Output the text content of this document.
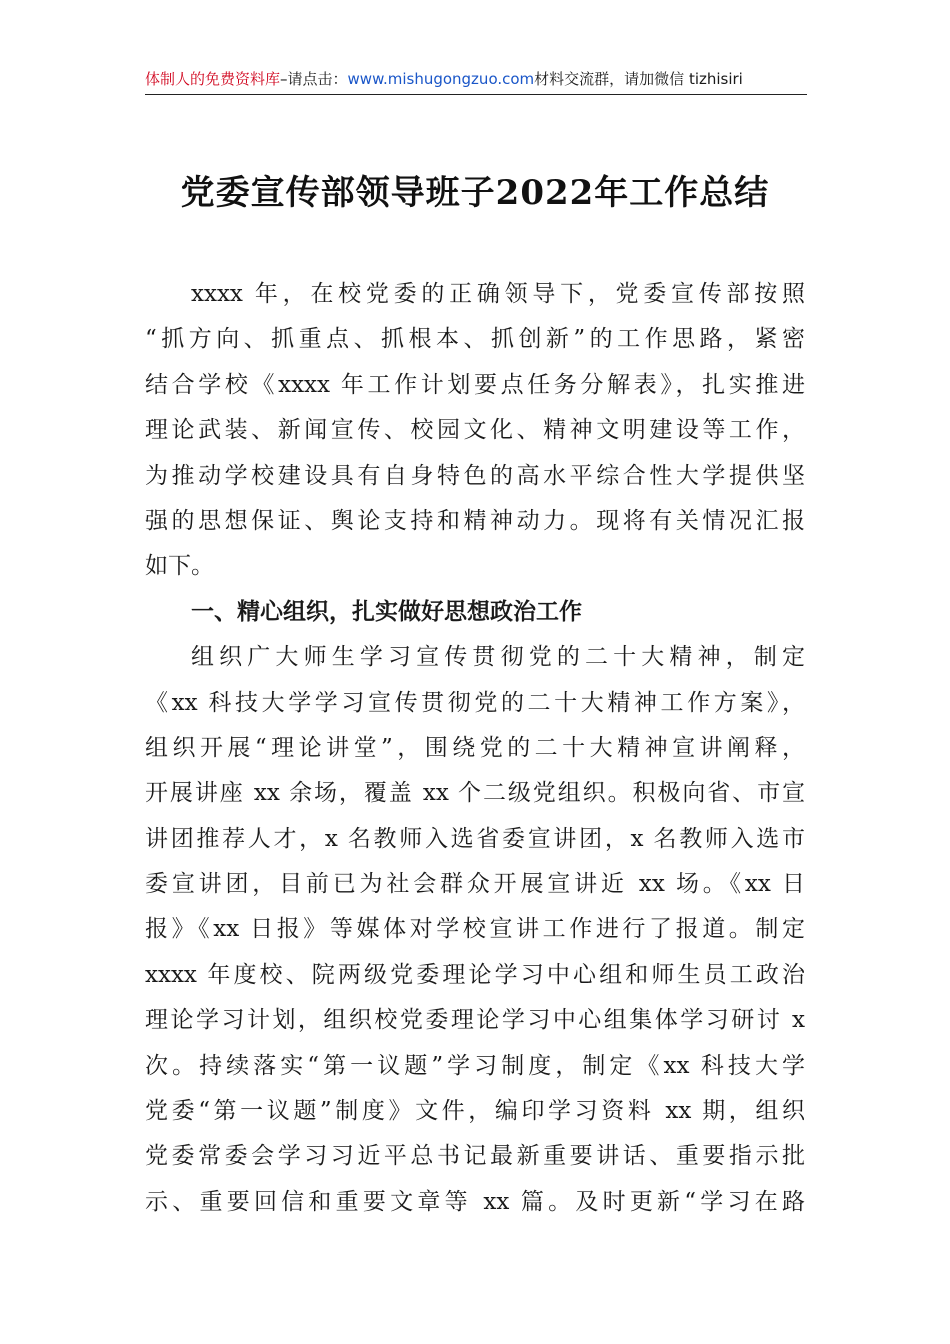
体制人的免费资料库–请点击：www.mishugongzuo.com材料交流群，请加微信 tizhisiri
党委宣传部领导班子2022年工作总结
xxxx 年，在校党委的正确领导下，党委宣传部按照
“抓方向、抓重点、抓根本、抓创新”的工作思路，紧密
结合学校《xxxx 年工作计划要点任务分解表》，扎实推进
理论武装、新闻宣传、校园文化、精神文明建设等工作，
为推动学校建设具有自身特色的高水平综合性大学提供坚
强的思想保证、舆论支持和精神动力。现将有关情况汇报
如下。
一、精心组织，扎实做好思想政治工作
组织广大师生学习宣传贯彻党的二十大精神，制定
《xx 科技大学学习宣传贯彻党的二十大精神工作方案》，
组织开展“理论讲堂”，围绕党的二十大精神宣讲阐释，
开展讲座 xx 余场，覆盖 xx 个二级党组织。积极向省、市宣
讲团推荐人才，x 名教师入选省委宣讲团，x 名教师入选市
委宣讲团，目前已为社会群众开展宣讲近 xx 场。《xx 日
报》《xx 日报》等媒体对学校宣讲工作进行了报道。制定
xxxx 年度校、院两级党委理论学习中心组和师生员工政治
理论学习计划，组织校党委理论学习中心组集体学习研讨 x
次。持续落实“第一议题”学习制度，制定《xx 科技大学
党委“第一议题”制度》文件，编印学习资料 xx 期，组织
党委常委会学习习近平总书记最新重要讲话、重要指示批
示、重要回信和重要文章等 xx 篇。及时更新“学习在路
